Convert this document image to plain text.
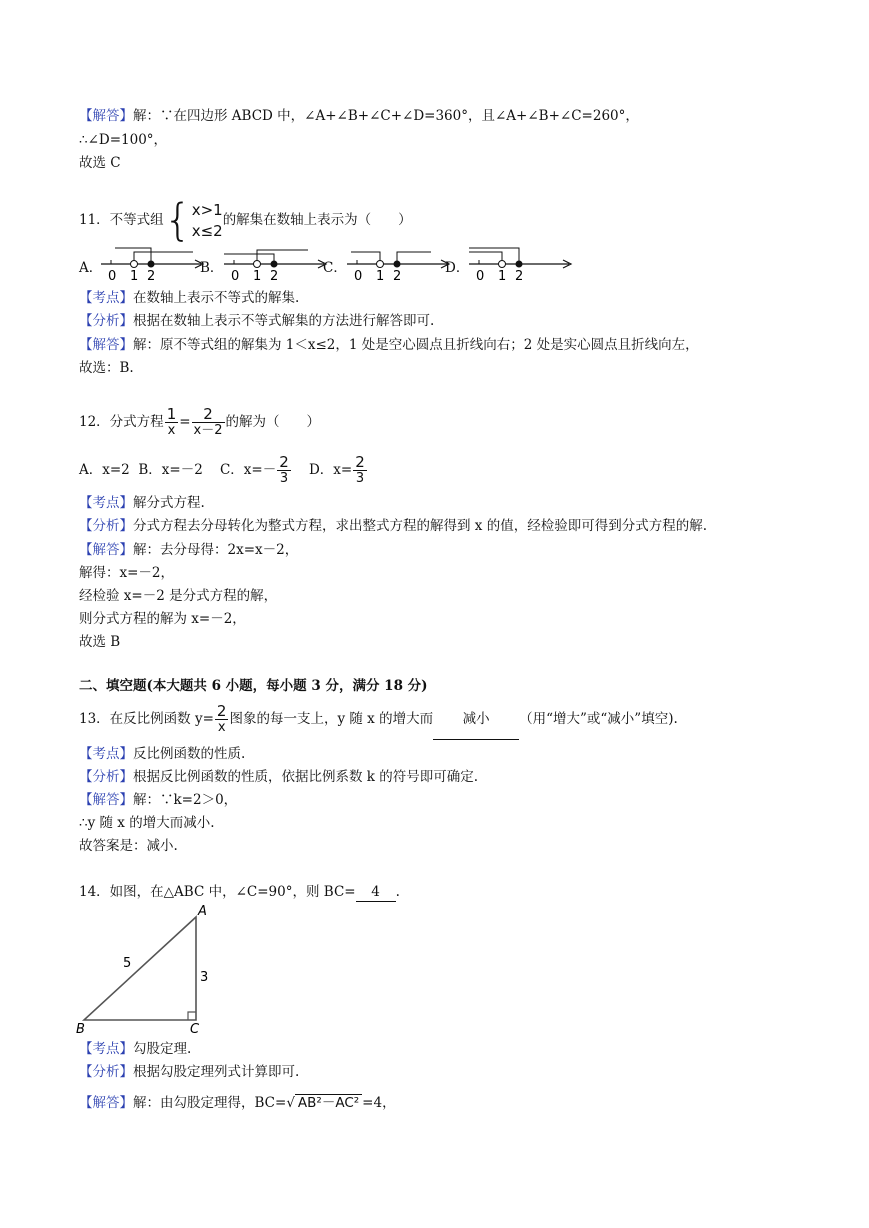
【解答】解：∵在四边形 ABCD 中，∠A+∠B+∠C+∠D=360°，且∠A+∠B+∠C=260°，
∴∠D=100°，
故选 C
11．不等式组{ x>1
x≤2
的解集在数轴上表示为（　　）
A．
0 1 2
B．
0 1 2
C．
0 1 2
D．
0 1 2
【考点】在数轴上表示不等式的解集.
【分析】根据在数轴上表示不等式解集的方法进行解答即可.
【解答】解：原不等式组的解集为 1＜x≤2，1 处是空心圆点且折线向右；2 处是实心圆点且折线向左，
故选：B.
12．分式方程 $\frac{1}{x} = \frac{2}{x-2}$ 的解为（　　）
A．x=2 B．x=－2 C．$x=- \frac{2}{3}$ D．$x= \frac{2}{3}$
【考点】解分式方程.
【分析】分式方程去分母转化为整式方程，求出整式方程的解得到 x 的值，经检验即可得到分式方程的解.
【解答】解：去分母得：2x=x－2，
解得：x=－2，
经检验 x=－2 是分式方程的解，
则分式方程的解为 x=－2，
故选 B
二、填空题(本大题共 6 小题，每小题 3 分，满分 18 分)
13．在反比例函数 $y= \frac{2}{x}$ 图象的每一支上，y 随 x 的增大而 减小 （用“增大”或“减小”填空).
【考点】反比例函数的性质.
【分析】根据反比例函数的性质，依据比例系数 k 的符号即可确定.
【解答】解：∵k=2＞0，
∴y 随 x 的增大而减小.
故答案是：减小.
14．如图，在△ABC 中，∠C=90°，则 BC= 4 .
A
B	C
5
3
【考点】勾股定理.
【分析】根据勾股定理列式计算即可.
【解答】解：由勾股定理得，BC=√ AB²－AC² =4，
